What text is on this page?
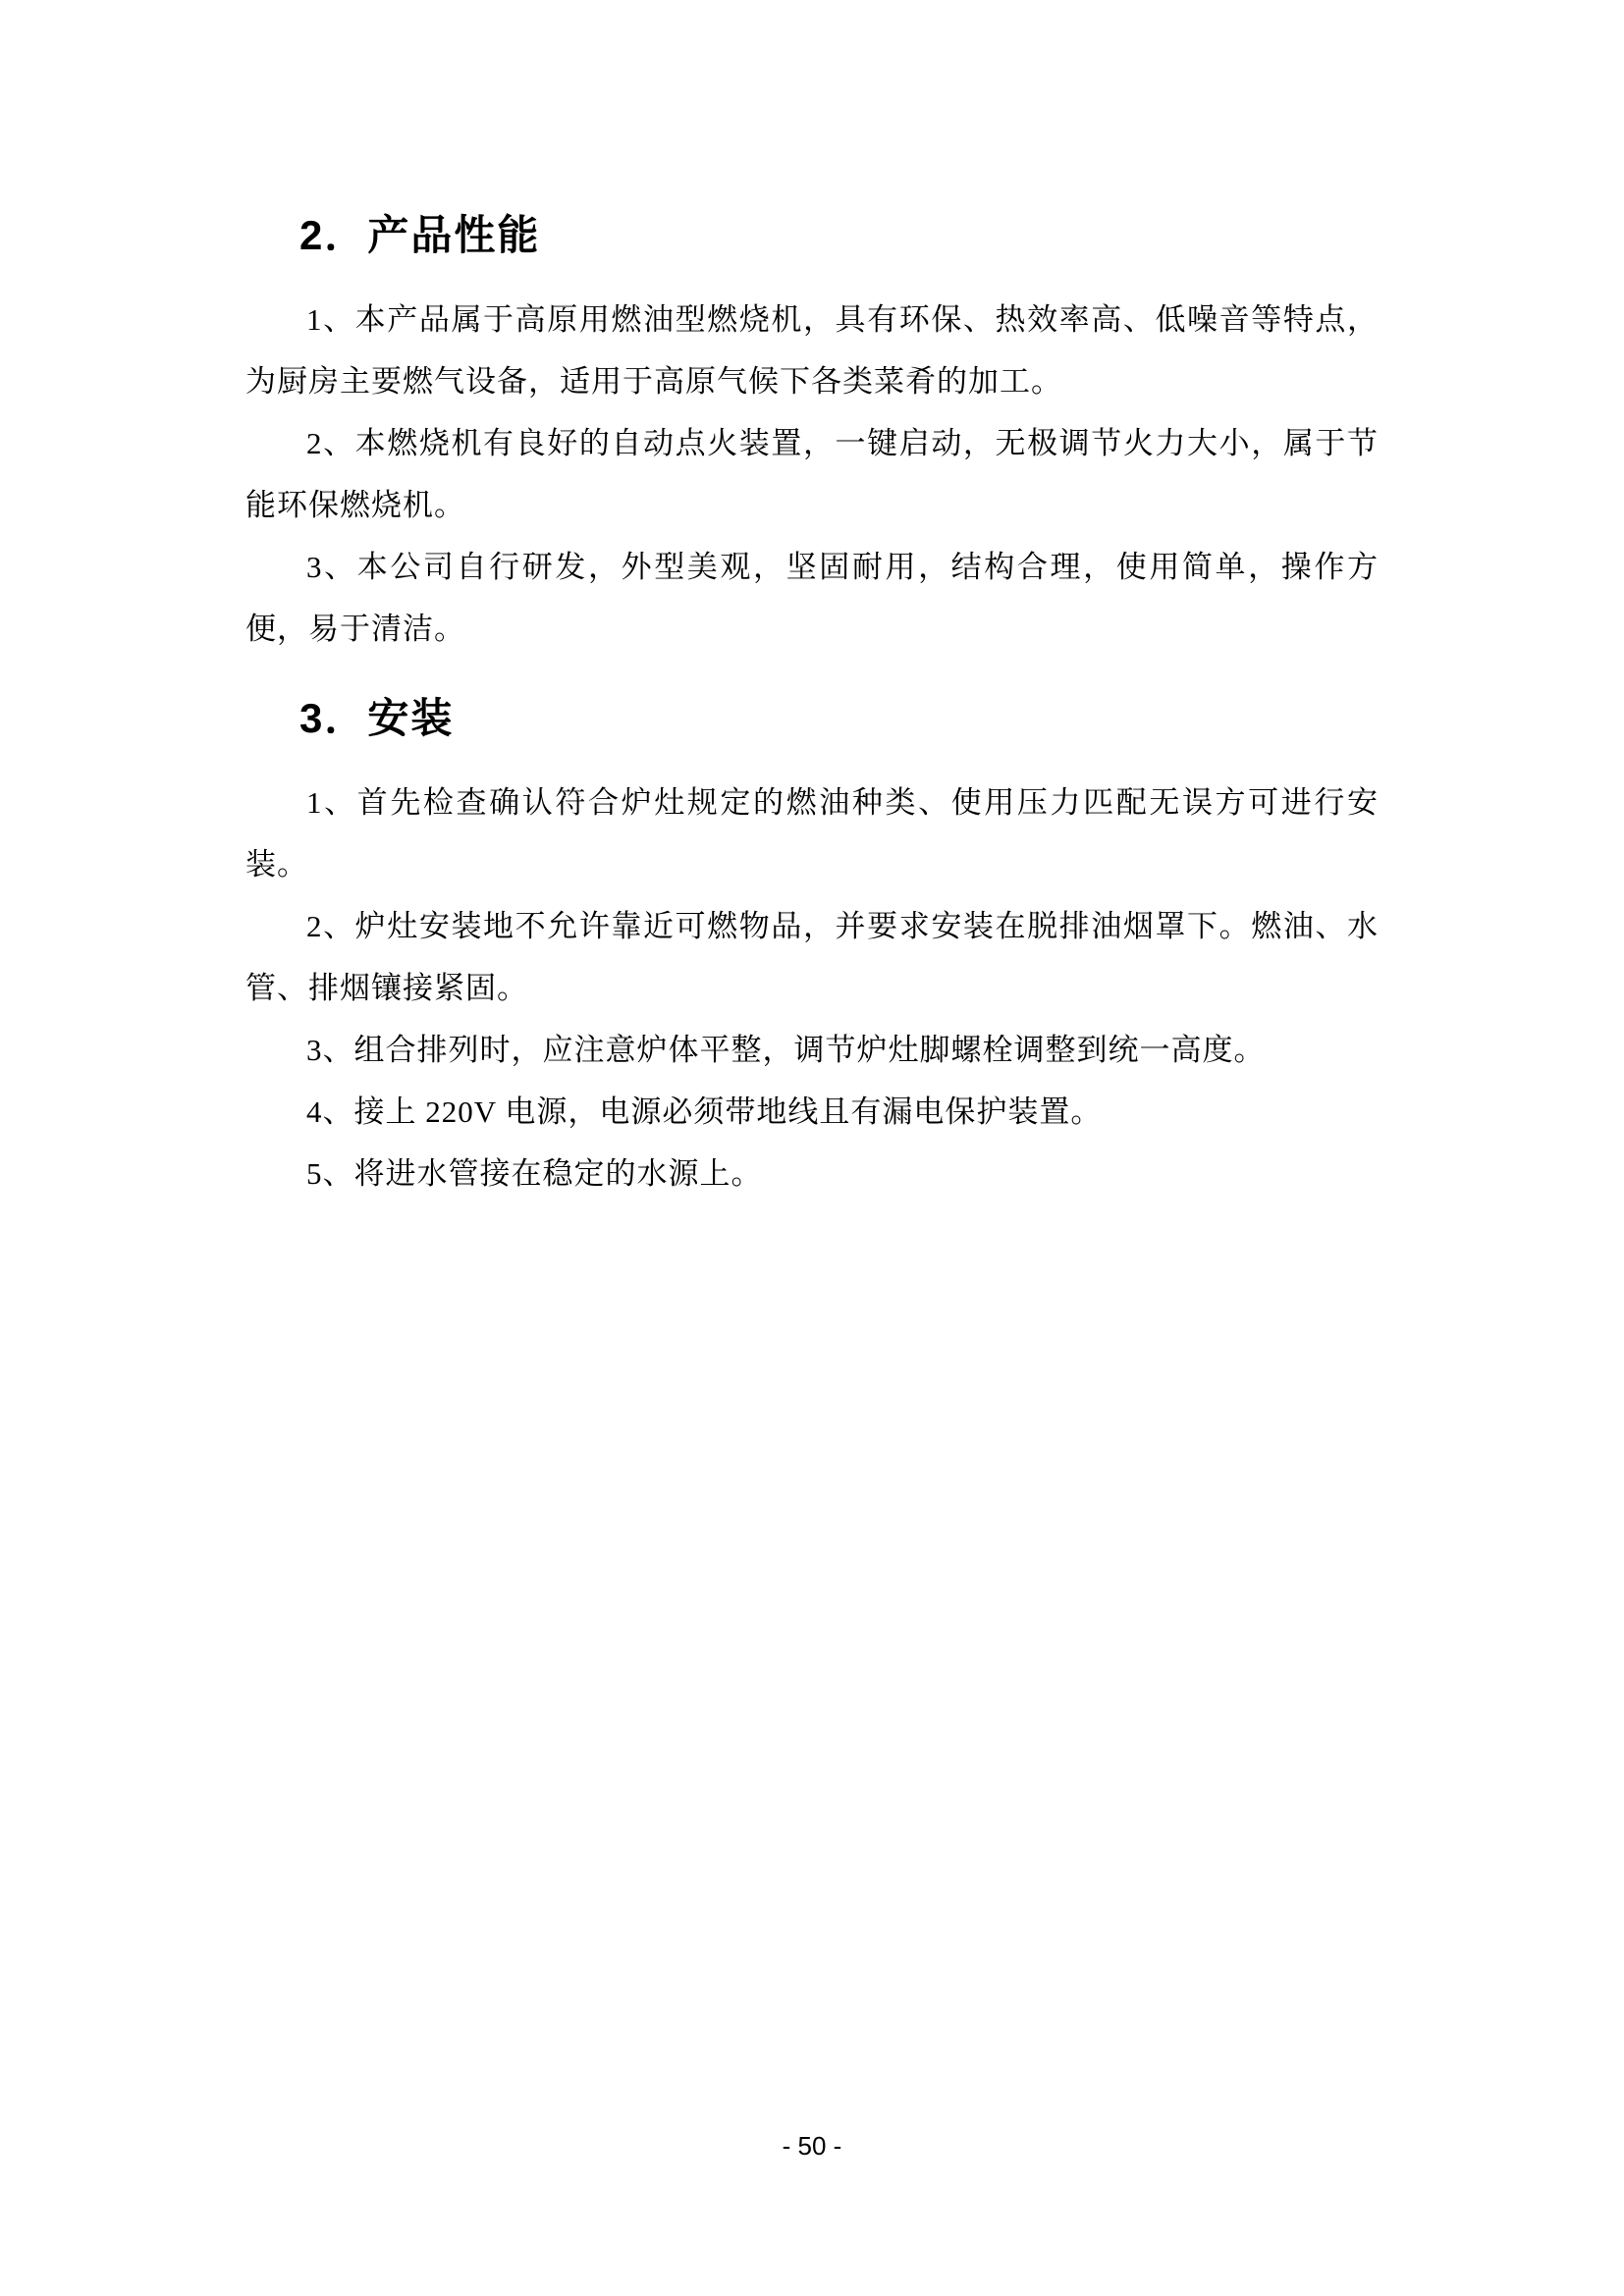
2．产品性能

1、本产品属于高原用燃油型燃烧机，具有环保、热效率高、低噪音等特点，为厨房主要燃气设备，适用于高原气候下各类菜肴的加工。

2、本燃烧机有良好的自动点火装置，一键启动，无极调节火力大小，属于节能环保燃烧机。

3、本公司自行研发，外型美观，坚固耐用，结构合理，使用简单，操作方便，易于清洁。

3．安装

1、首先检查确认符合炉灶规定的燃油种类、使用压力匹配无误方可进行安装。

2、炉灶安装地不允许靠近可燃物品，并要求安装在脱排油烟罩下。燃油、水管、排烟镶接紧固。

3、组合排列时，应注意炉体平整，调节炉灶脚螺栓调整到统一高度。

4、接上 220V 电源，电源必须带地线且有漏电保护装置。

5、将进水管接在稳定的水源上。

- 50 -
